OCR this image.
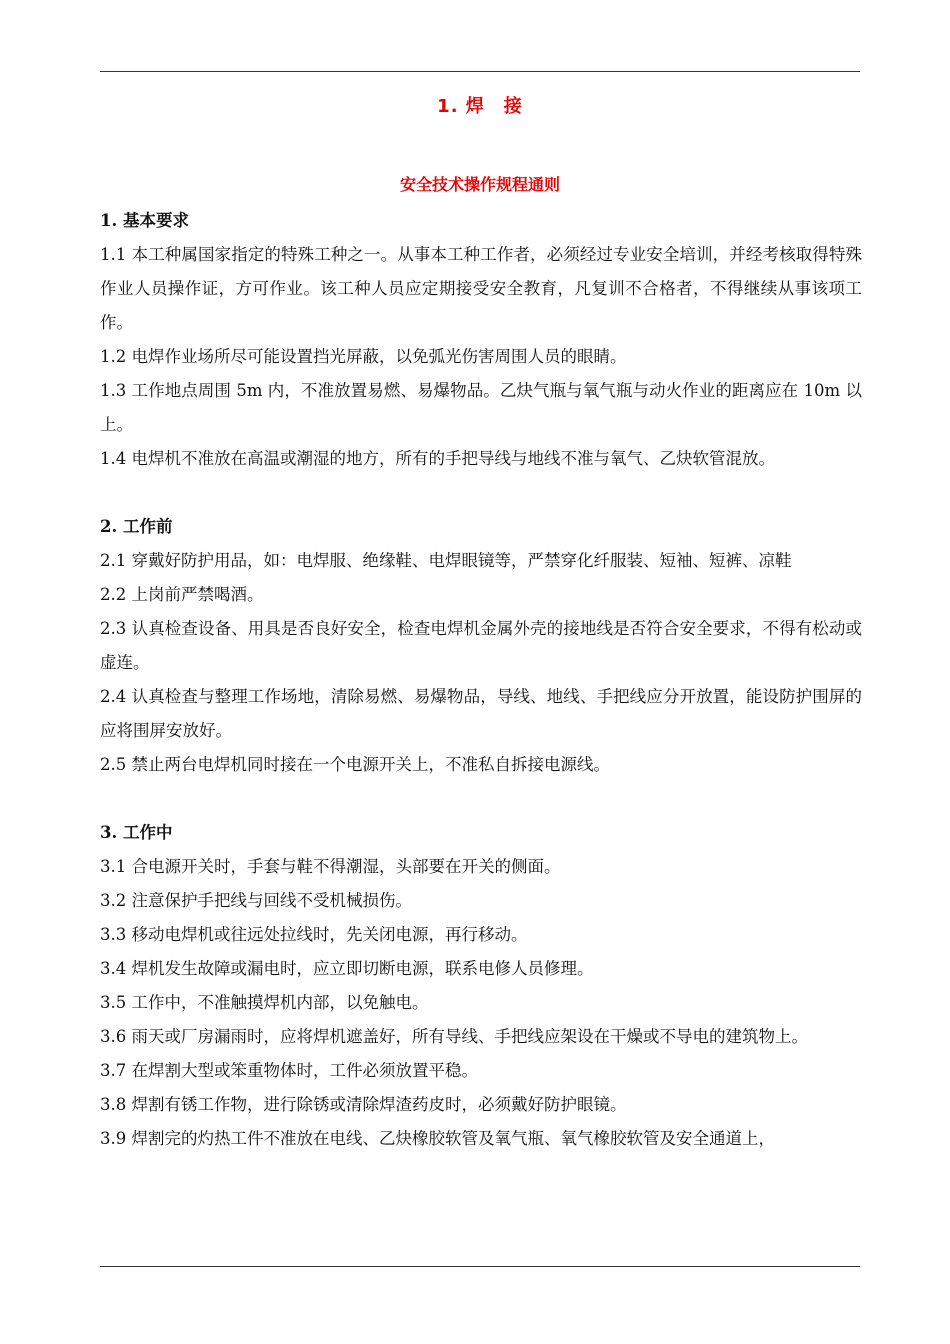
1. 焊　接
安全技术操作规程通则
1. 基本要求

1.1 本工种属国家指定的特殊工种之一。从事本工种工作者，必须经过专业安全培训，并经考核取得特殊作业人员操作证，方可作业。该工种人员应定期接受安全教育，凡复训不合格者，不得继续从事该项工作。

1.2 电焊作业场所尽可能设置挡光屏蔽，以免弧光伤害周围人员的眼睛。

1.3 工作地点周围 5m 内，不准放置易燃、易爆物品。乙炔气瓶与氧气瓶与动火作业的距离应在 10m 以上。

1.4 电焊机不准放在高温或潮湿的地方，所有的手把导线与地线不准与氧气、乙炔软管混放。

2. 工作前

2.1 穿戴好防护用品，如：电焊服、绝缘鞋、电焊眼镜等，严禁穿化纤服装、短袖、短裤、凉鞋

2.2 上岗前严禁喝酒。

2.3 认真检查设备、用具是否良好安全，检查电焊机金属外壳的接地线是否符合安全要求，不得有松动或虚连。

2.4 认真检查与整理工作场地，清除易燃、易爆物品，导线、地线、手把线应分开放置，能设防护围屏的应将围屏安放好。

2.5 禁止两台电焊机同时接在一个电源开关上，不准私自拆接电源线。

3. 工作中

3.1 合电源开关时，手套与鞋不得潮湿，头部要在开关的侧面。

3.2 注意保护手把线与回线不受机械损伤。

3.3 移动电焊机或往远处拉线时，先关闭电源，再行移动。

3.4 焊机发生故障或漏电时，应立即切断电源，联系电修人员修理。

3.5 工作中，不准触摸焊机内部，以免触电。

3.6 雨天或厂房漏雨时，应将焊机遮盖好，所有导线、手把线应架设在干燥或不导电的建筑物上。

3.7 在焊割大型或笨重物体时，工件必须放置平稳。

3.8 焊割有锈工作物，进行除锈或清除焊渣药皮时，必须戴好防护眼镜。

3.9 焊割完的灼热工件不准放在电线、乙炔橡胶软管及氧气瓶、氧气橡胶软管及安全通道上，
